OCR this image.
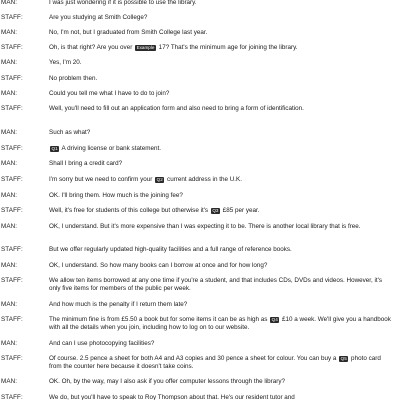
MAN:	I was just wondering if it is possible to use the library.
STAFF:	Are you studying at Smith College?
MAN:	No, I'm not, but I graduated from Smith College last year.
STAFF:	Oh, is that right? Are you over Example 17? That's the minimum age for joining the library.
MAN:	Yes, I'm 20.
STAFF:	No problem then.
MAN:	Could you tell me what I have to do to join?
STAFF:	Well, you'll need to fill out an application form and also need to bring a form of identification.
MAN:	Such as what?
STAFF:	Q1 A driving license or bank statement.
MAN:	Shall I bring a credit card?
STAFF:	I'm sorry but we need to confirm your Q2 current address in the U.K.
MAN:	OK. I'll bring them. How much is the joining fee?
STAFF:	Well, it's free for students of this college but otherwise it's Q3 £85 per year.
MAN:	OK, I understand. But it's more expensive than I was expecting it to be. There is another local library that is free.
STAFF:	But we offer regularly updated high-quality facilities and a full range of reference books.
MAN:	OK, I understand. So how many books can I borrow at once and for how long?
STAFF:	We allow ten items borrowed at any one time if you're a student, and that includes CDs, DVDs and videos. However, it's only five items for members of the public per week.
MAN:	And how much is the penalty if I return them late?
STAFF:	The minimum fine is from £5.50 a book but for some items it can be as high as Q4 £10 a week. We'll give you a handbook with all the details when you join, including how to log on to our website.
MAN:	And can I use photocopying facilities?
STAFF:	Of course. 2.5 pence a sheet for both A4 and A3 copies and 30 pence a sheet for colour. You can buy a Q5 photo card from the counter here because it doesn't take coins.
MAN:	OK. Oh, by the way, may I also ask if you offer computer lessons through the library?
STAFF:	We do, but you'll have to speak to Roy Thompson about that. He's our resident tutor and
